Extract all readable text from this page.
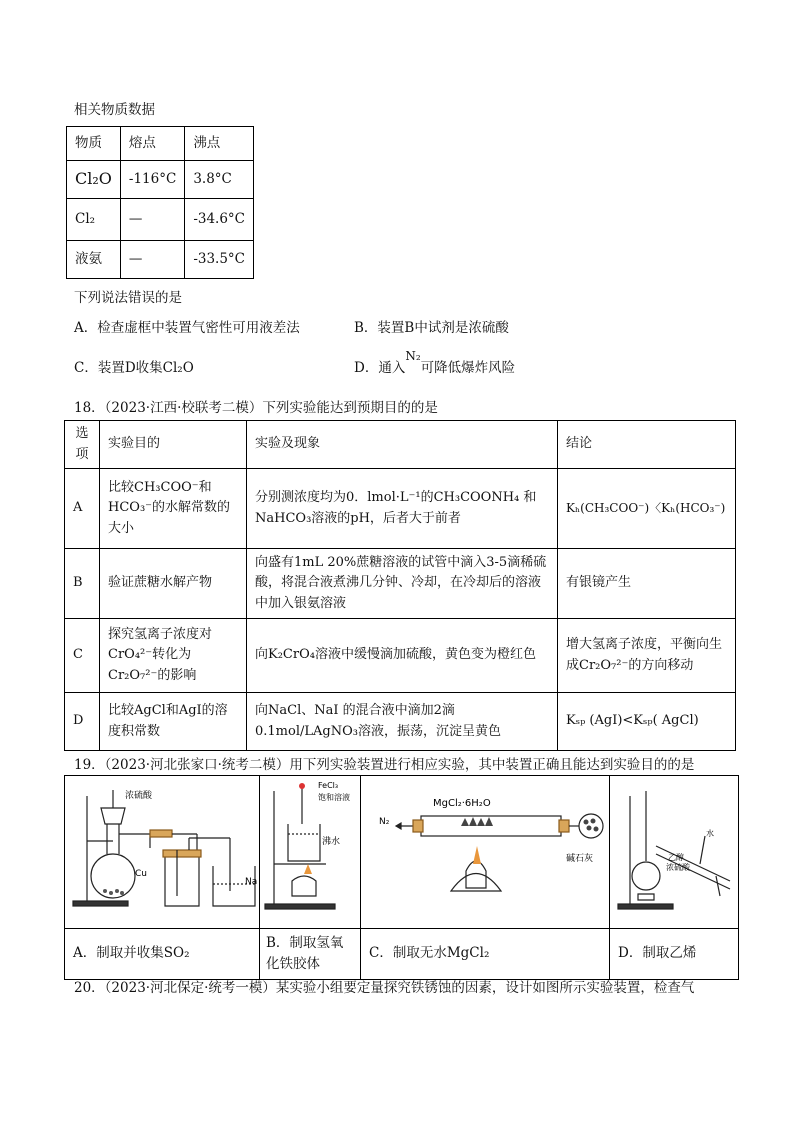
相关物质数据
物质	熔点	沸点
Cl₂O	-116°C	3.8°C
Cl₂	—	-34.6°C
液氨	—	-33.5°C
下列说法错误的是
A．检查虚框中装置气密性可用液差法	B．装置B中试剂是浓硫酸
C．装置D收集Cl₂O	D．通入N₂可降低爆炸风险
18．（2023·江西·校联考二模）下列实验能达到预期目的的是
选项	实验目的	实验及现象	结论
A	比较CH₃COO⁻和HCO₃⁻的水解常数的大小	分别测浓度均为0．lmol·L⁻¹的CH₃COONH₄ 和NaHCO₃溶液的pH，后者大于前者	Kₕ(CH₃COO⁻)〈Kₕ(HCO₃⁻)
B	验证蔗糖水解产物	向盛有1mL 20%蔗糖溶液的试管中滴入3-5滴稀硫酸，将混合液煮沸几分钟、冷却，在冷却后的溶液中加入银氨溶液	有银镜产生
C	探究氢离子浓度对CrO₄²⁻转化为Cr₂O₇²⁻的影响	向K₂CrO₄溶液中缓慢滴加硫酸，黄色变为橙红色	增大氢离子浓度，平衡向生成Cr₂O₇²⁻的方向移动
D	比较AgCl和AgI的溶度积常数	向NaCl、NaI 的混合液中滴加2滴0.1mol/LAgNO₃溶液，振荡，沉淀呈黄色	Kₛₚ (AgI)<Kₛₚ( AgCl)
19．（2023·河北张家口·统考二模）用下列实验装置进行相应实验，其中装置正确且能达到实验目的的是
浓硫酸
Cu
Na	FeCl₃
饱和溶液
沸水	MgCl₂·6H₂O
N₂
碱石灰	水
乙醇
浓硫酸

A．制取并收集SO₂	B．制取氢氧化铁胶体	C．制取无水MgCl₂	D．制取乙烯
20．（2023·河北保定·统考一模）某实验小组要定量探究铁锈蚀的因素，设计如图所示实验装置，检查气
